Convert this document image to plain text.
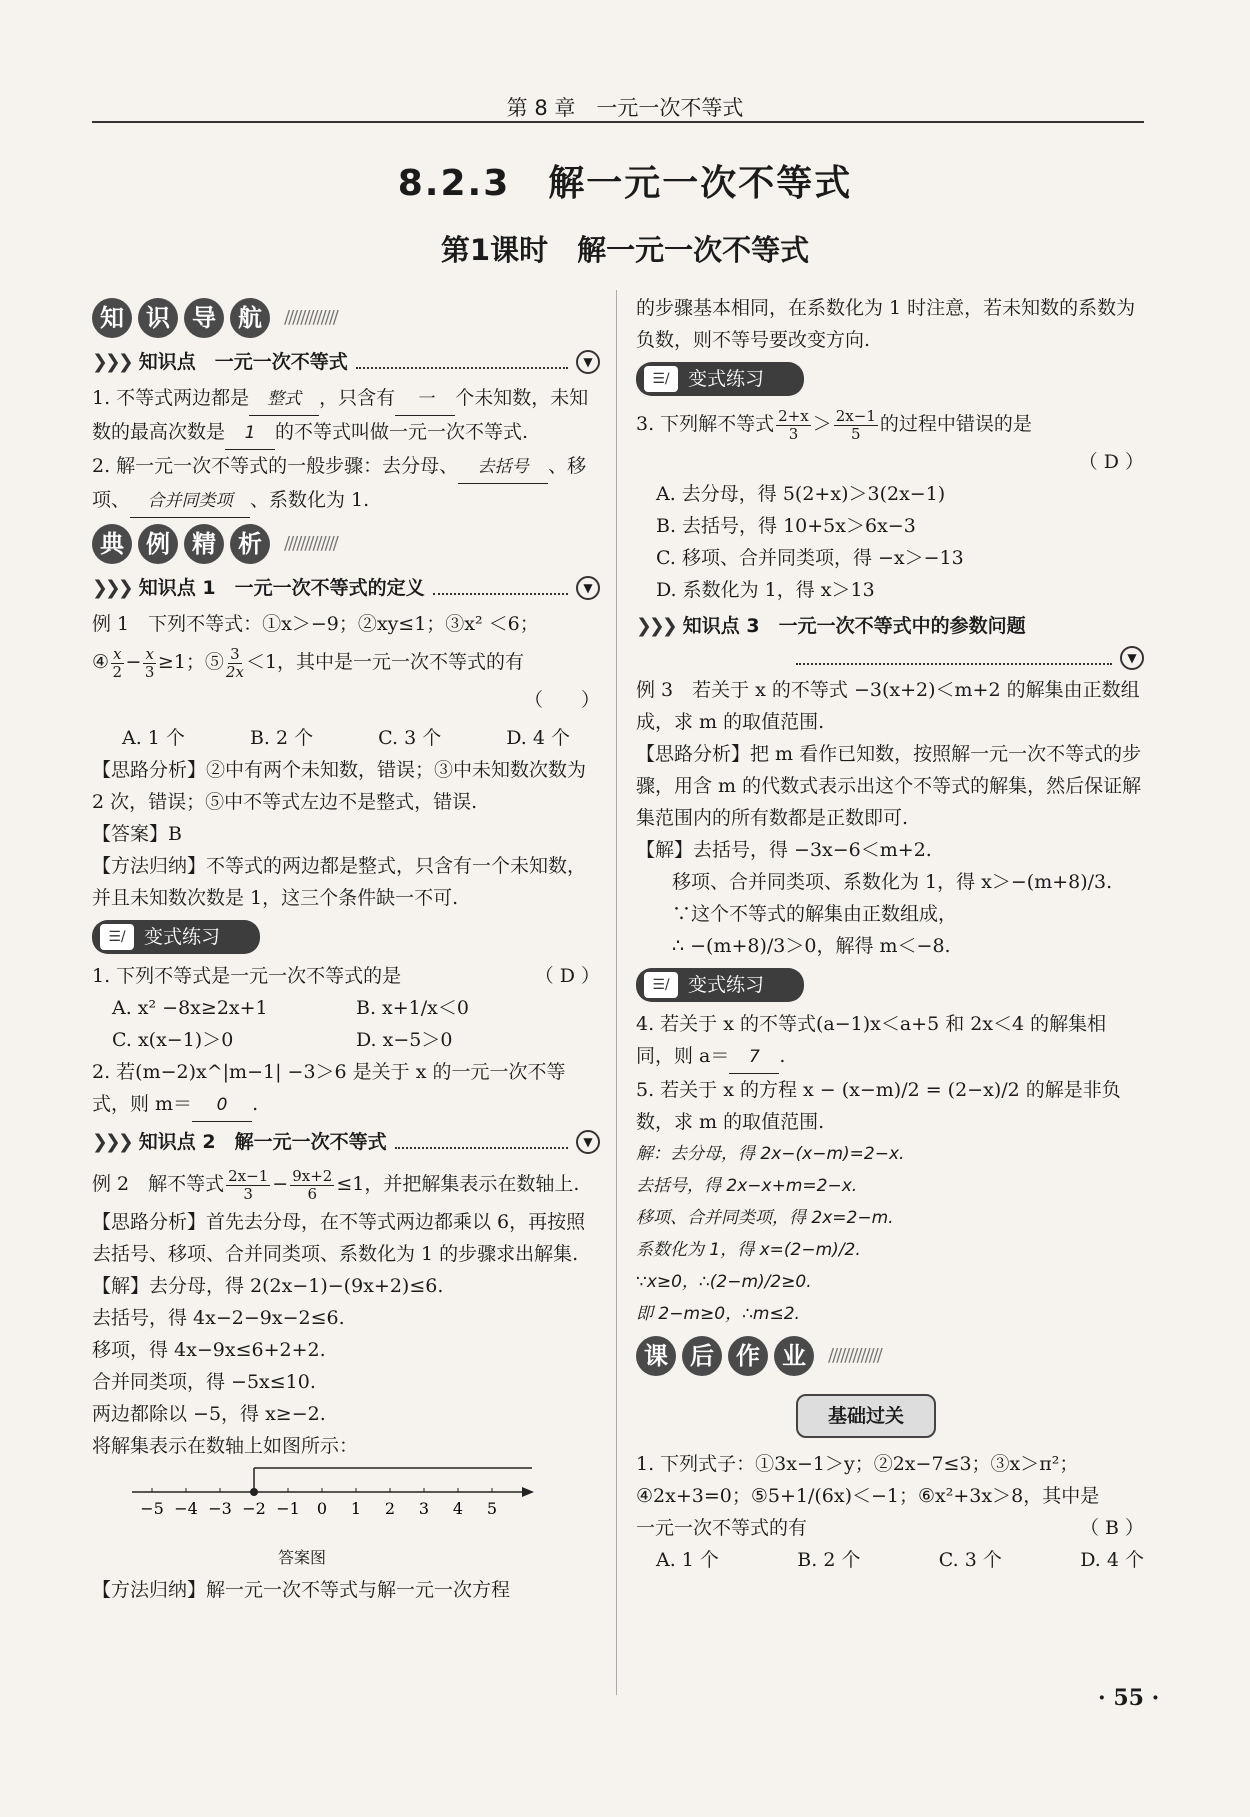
第 8 章　一元一次不等式
8.2.3　解一元一次不等式
第1课时　解一元一次不等式
知 识 导 航	/////////////
❯❯❯ 知识点　一元一次不等式	▼

1. 不等式两边都是 整式 ，只含有 一 个未知数，未知数的最高次数是 1 的不等式叫做一元一次不等式.

2. 解一元一次不等式的一般步骤：去分母、 去括号 、移项、 合并同类项 、系数化为 1.

典 例 精 析	/////////////
❯❯❯ 知识点 1　一元一次不等式的定义	▼

例 1　下列不等式：①x＞−9；②xy≤1；③x² ＜6；

④ $\frac{x}{2} - \frac{x}{3} \ge 1$；⑤ $\frac{3}{2x} <1$，其中是一元一次不等式的有

（　　）

A. 1 个	B. 2 个	C. 3 个	D. 4 个

【思路分析】②中有两个未知数，错误；③中未知数次数为 2 次，错误；⑤中不等式左边不是整式，错误.

【答案】B

【方法归纳】不等式的两边都是整式，只含有一个未知数，并且未知数次数是 1，这三个条件缺一不可.

☰/ 变式练习

1. 下列不等式是一元一次不等式的是	（ D ）

A. x² −8x≥2x+1	B. x+1/x＜0
C. x(x−1)＞0	D. x−5＞0

2. 若(m−2)x^|m−1| −3＞6 是关于 x 的一元一次不等式，则 m＝ 0 .

❯❯❯ 知识点 2　解一元一次不等式	▼

例 2　解不等式 $\frac{2x-1}{3} - \frac{9x+2}{6} \le 1$，并把解集表示在数轴上.

【思路分析】首先去分母，在不等式两边都乘以 6，再按照去括号、移项、合并同类项、系数化为 1 的步骤求出解集.

【解】去分母，得 2(2x−1)−(9x+2)≤6.

去括号，得 4x−2−9x−2≤6.

移项，得 4x−9x≤6+2+2.

合并同类项，得 −5x≤10.

两边都除以 −5，得 x≥−2.

将解集表示在数轴上如图所示：

−5 −4 −3 −2 −1 0 1 2 3 4 5

答案图

【方法归纳】解一元一次不等式与解一元一次方程

的步骤基本相同，在系数化为 1 时注意，若未知数的系数为负数，则不等号要改变方向.

☰/ 变式练习

3. 下列解不等式 $\frac{2+x}{3} > \frac{2x-1}{5}$ 的过程中错误的是

（ D ）

A. 去分母，得 5(2+x)＞3(2x−1)

B. 去括号，得 10+5x＞6x−3

C. 移项、合并同类项，得 −x＞−13

D. 系数化为 1，得 x＞13

❯❯❯ 知识点 3　一元一次不等式中的参数问题
▼

例 3　若关于 x 的不等式 −3(x+2)＜m+2 的解集由正数组成，求 m 的取值范围.

【思路分析】把 m 看作已知数，按照解一元一次不等式的步骤，用含 m 的代数式表示出这个不等式的解集，然后保证解集范围内的所有数都是正数即可.

【解】去括号，得 −3x−6＜m+2.

移项、合并同类项、系数化为 1，得 x＞−(m+8)/3.

∵这个不等式的解集由正数组成，

∴ −(m+8)/3＞0，解得 m＜−8.

☰/ 变式练习

4. 若关于 x 的不等式(a−1)x＜a+5 和 2x＜4 的解集相同，则 a＝ 7 .

5. 若关于 x 的方程 x − (x−m)/2 = (2−x)/2 的解是非负数，求 m 的取值范围.

解：去分母，得 2x−(x−m)=2−x.

去括号，得 2x−x+m=2−x.

移项、合并同类项，得 2x=2−m.

系数化为 1，得 x=(2−m)/2.

∵x≥0，∴(2−m)/2≥0.

即 2−m≥0，∴m≤2.

课 后 作 业	/////////////
基础过关

1. 下列式子：①3x−1＞y；②2x−7≤3；③x＞π²；

④2x+3=0；⑤5+1/(6x)＜−1；⑥x²+3x＞8，其中是

一元一次不等式的有	（ B ）

A. 1 个	B. 2 个	C. 3 个	D. 4 个
· 55 ·
